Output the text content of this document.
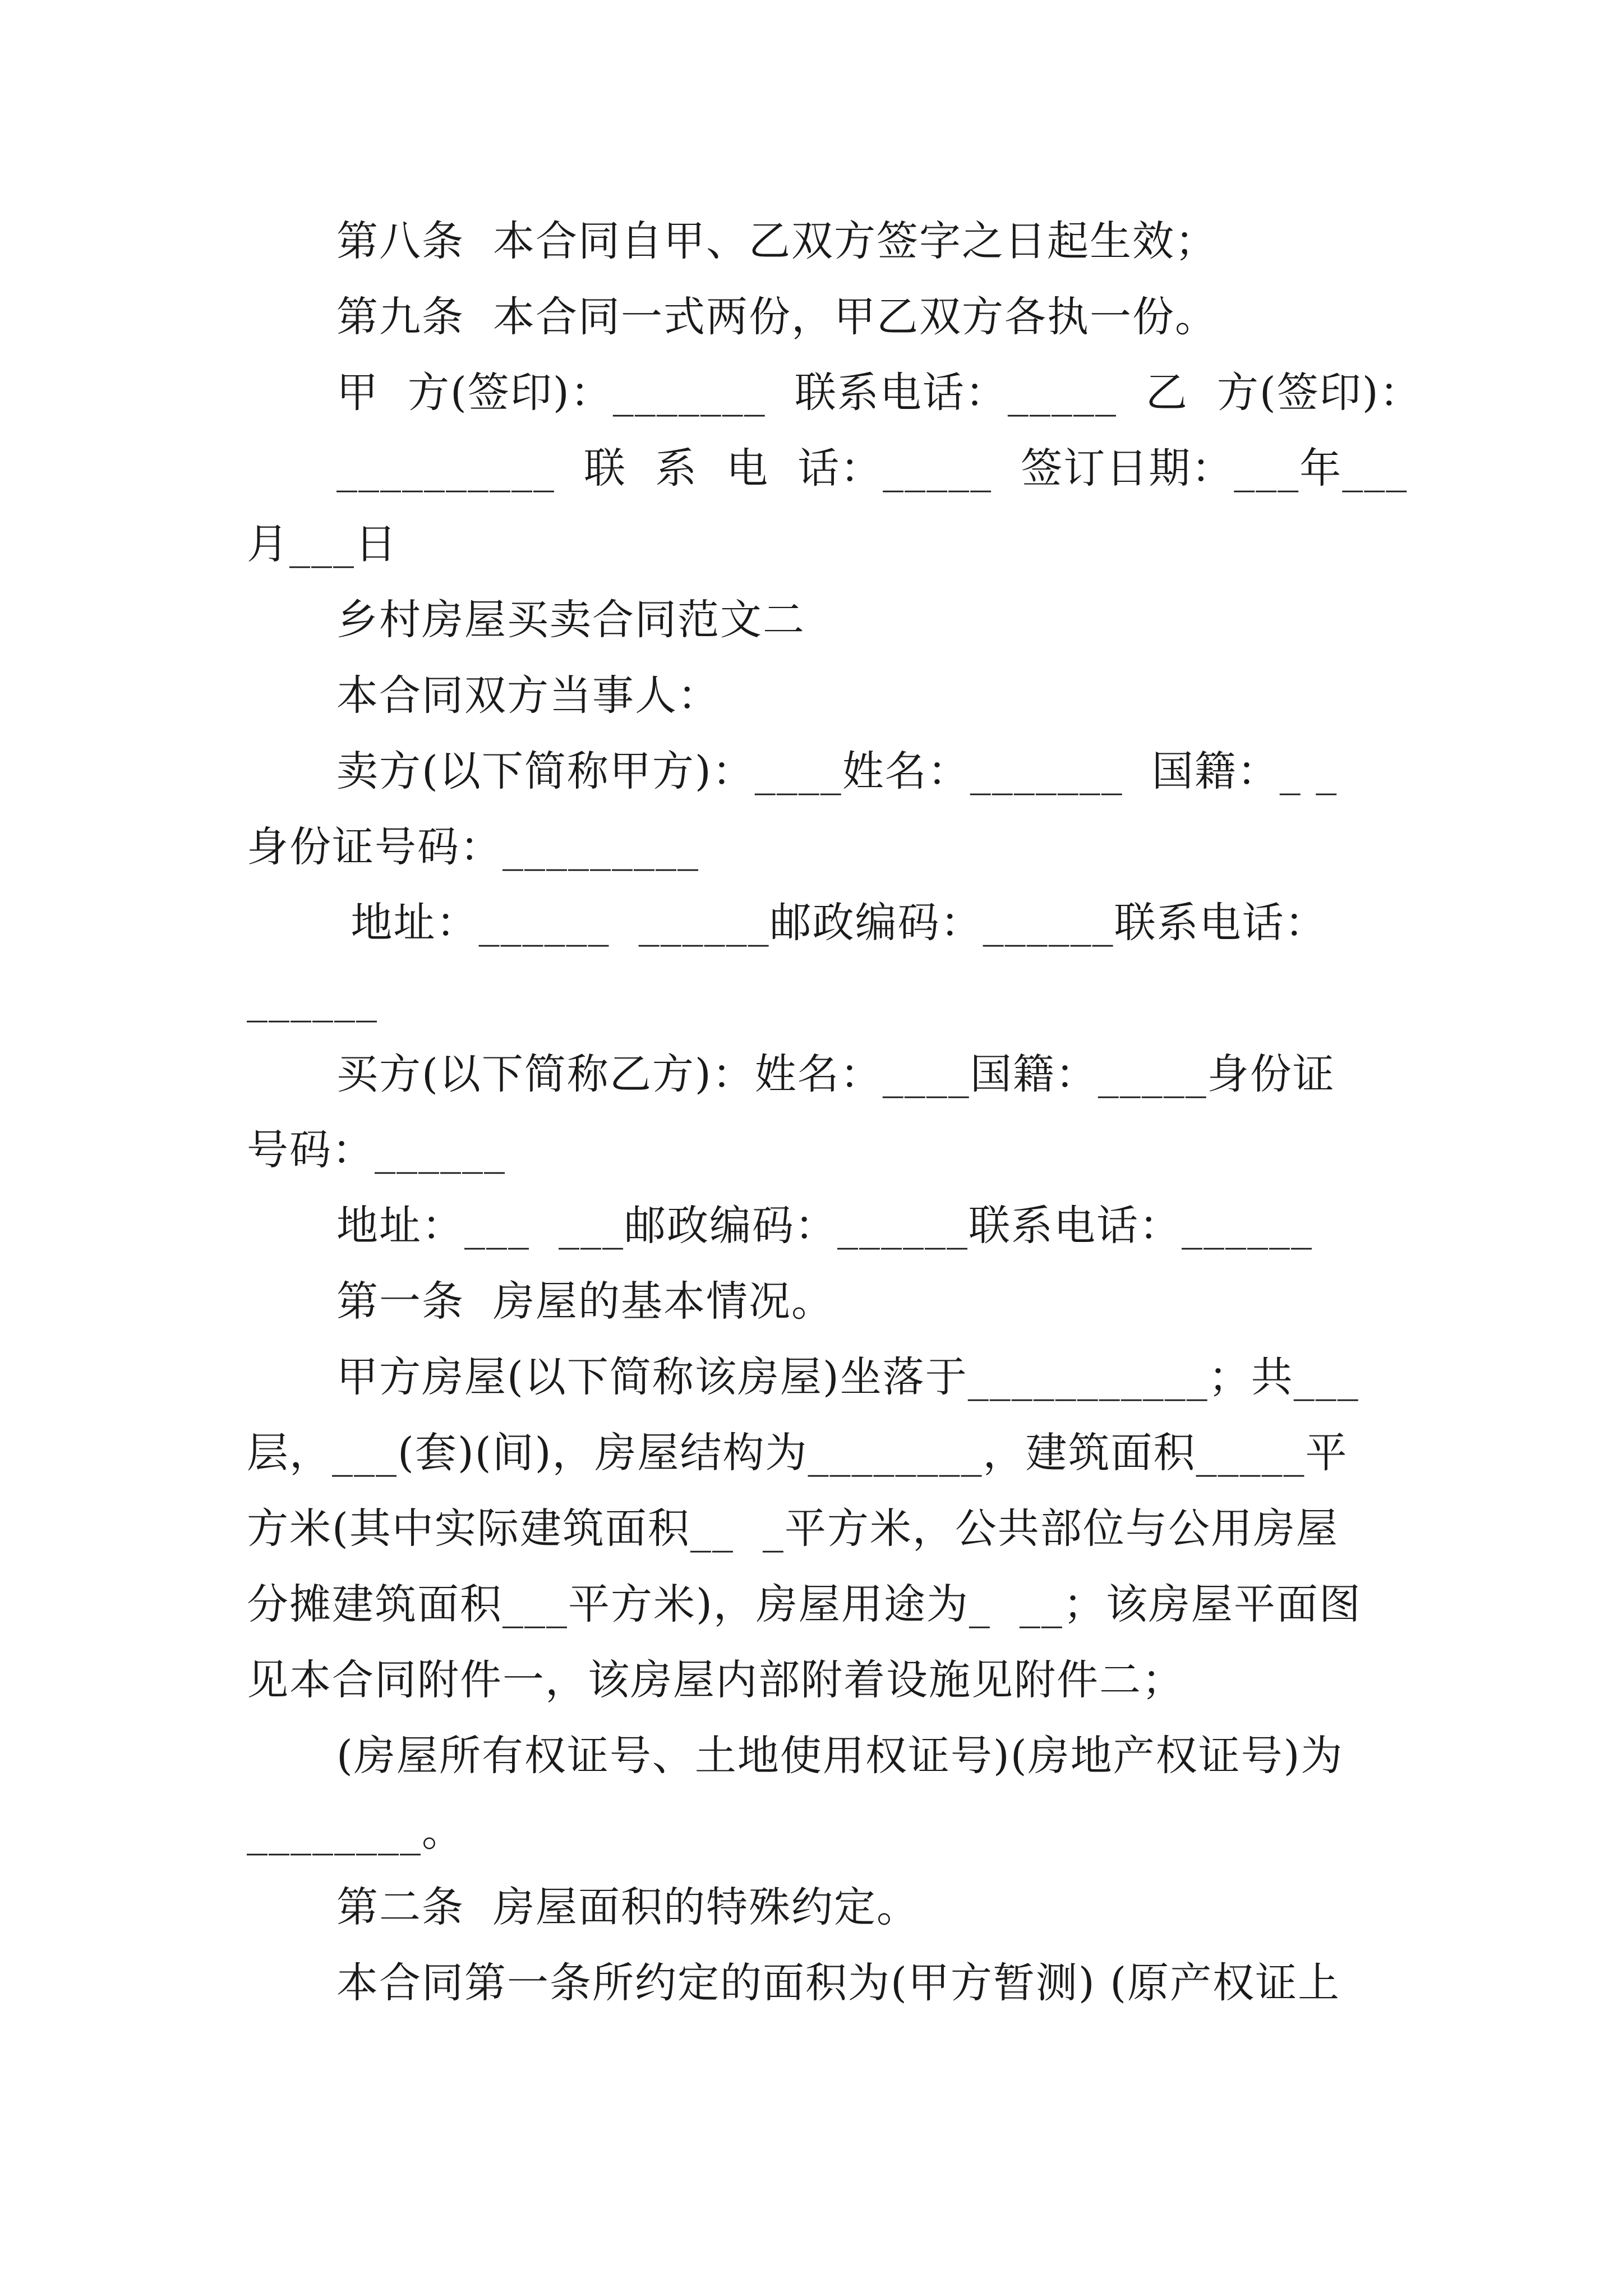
第八条  本合同自甲、乙双方签字之日起生效；
第九条  本合同一式两份，甲乙双方各执一份。
甲  方(签印)：_______  联系电话：_____  乙  方(签印)：
__________  联  系  电  话：_____  签订日期：___年___
月___日
乡村房屋买卖合同范文二
本合同双方当事人：
卖方(以下简称甲方)：____姓名：_______  国籍：_ _
身份证号码：_________
地址：______  ______邮政编码：______联系电话：
______
买方(以下简称乙方)：姓名：____国籍：_____身份证
号码：______
地址：___  ___邮政编码：______联系电话：______
第一条  房屋的基本情况。
甲方房屋(以下简称该房屋)坐落于___________；共___
层，___(套)(间)，房屋结构为________，建筑面积_____平
方米(其中实际建筑面积__  _平方米，公共部位与公用房屋
分摊建筑面积___平方米)，房屋用途为_  __；该房屋平面图
见本合同附件一，该房屋内部附着设施见附件二；
(房屋所有权证号、土地使用权证号)(房地产权证号)为
________。
第二条  房屋面积的特殊约定。
本合同第一条所约定的面积为(甲方暂测) (原产权证上
